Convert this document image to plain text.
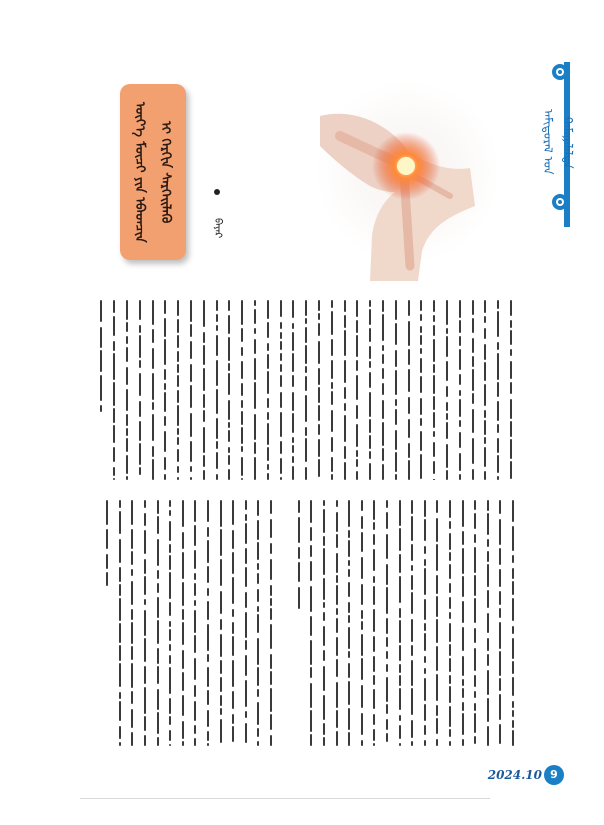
ᠠᠮᠢᠳᠤᠷᠠᠯ ᠤᠨ ᠬᠠᠮᠠᠭᠠᠯᠠᠯᠲᠠ
ᠦᠶ᠎ᠡ ᠮᠦᠴᠢ ᠶᠢᠨ ᠡᠪᠡᠳᠴᠢᠨ ᠢ ᠬᠡᠷᠬᠢᠨ ᠰᠡᠷᠭᠡᠢᠯᠡᠬᠦ
ᠪᠠᠶᠠᠷ
2024.10 9
